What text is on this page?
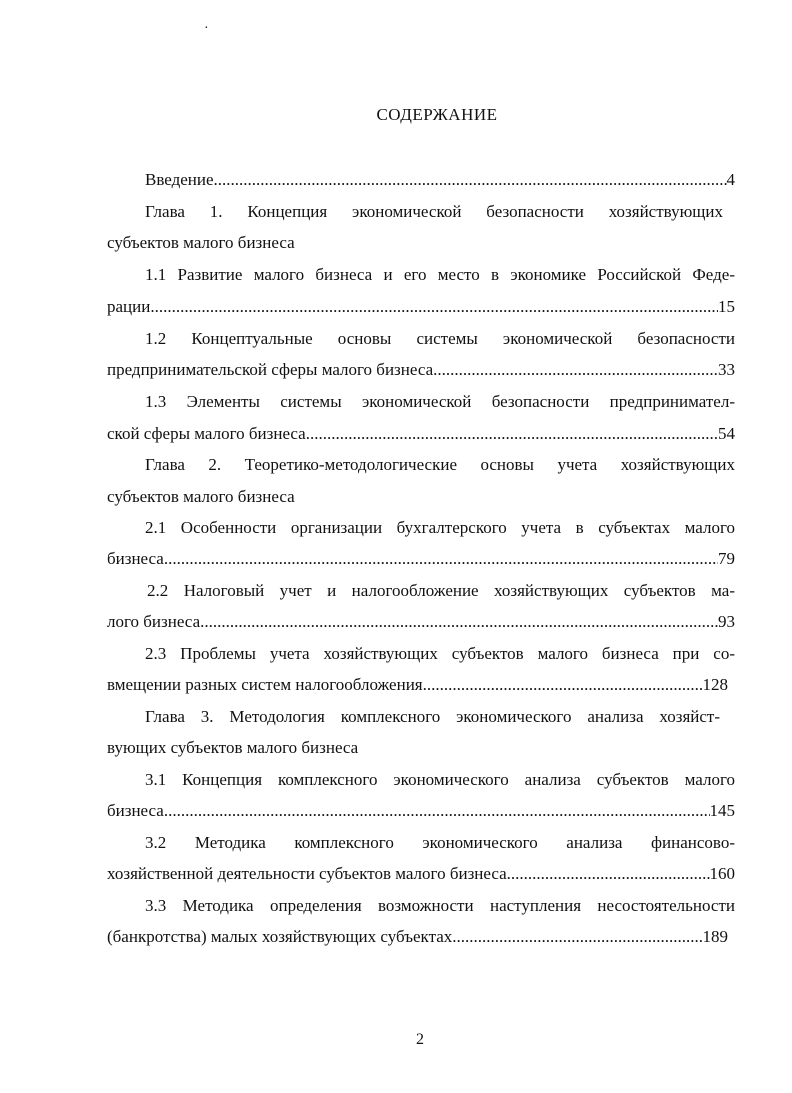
·
СОДЕРЖАНИЕ
Введение .....	4
Глава 1. Концепция экономической безопасности хозяйствующих
субъектов малого бизнеса
1.1 Развитие малого бизнеса и его место в экономике Российской Феде-
рации .....	15
1.2 Концептуальные основы системы экономической безопасности
предпринимательской сферы малого бизнеса .....	33
1.3 Элементы системы экономической безопасности предпринимател-
ской сферы малого бизнеса .....	54
Глава 2. Теоретико-методологические основы учета хозяйствующих
субъектов малого бизнеса
2.1 Особенности организации бухгалтерского учета в субъектах малого
бизнеса .....	79
2.2 Налоговый учет и налогообложение хозяйствующих субъектов ма-
лого бизнеса .....	93
2.3 Проблемы учета хозяйствующих субъектов малого бизнеса при со-
вмещении разных систем налогообложения .....	128
Глава 3. Методология комплексного экономического анализа хозяйст-
вующих субъектов малого бизнеса
3.1 Концепция комплексного экономического анализа субъектов малого
бизнеса .....	145
3.2 Методика комплексного экономического анализа финансово-
хозяйственной деятельности субъектов малого бизнеса .....	160
3.3 Методика определения возможности наступления несостоятельности
(банкротства) малых хозяйствующих субъектах .....	189
2
